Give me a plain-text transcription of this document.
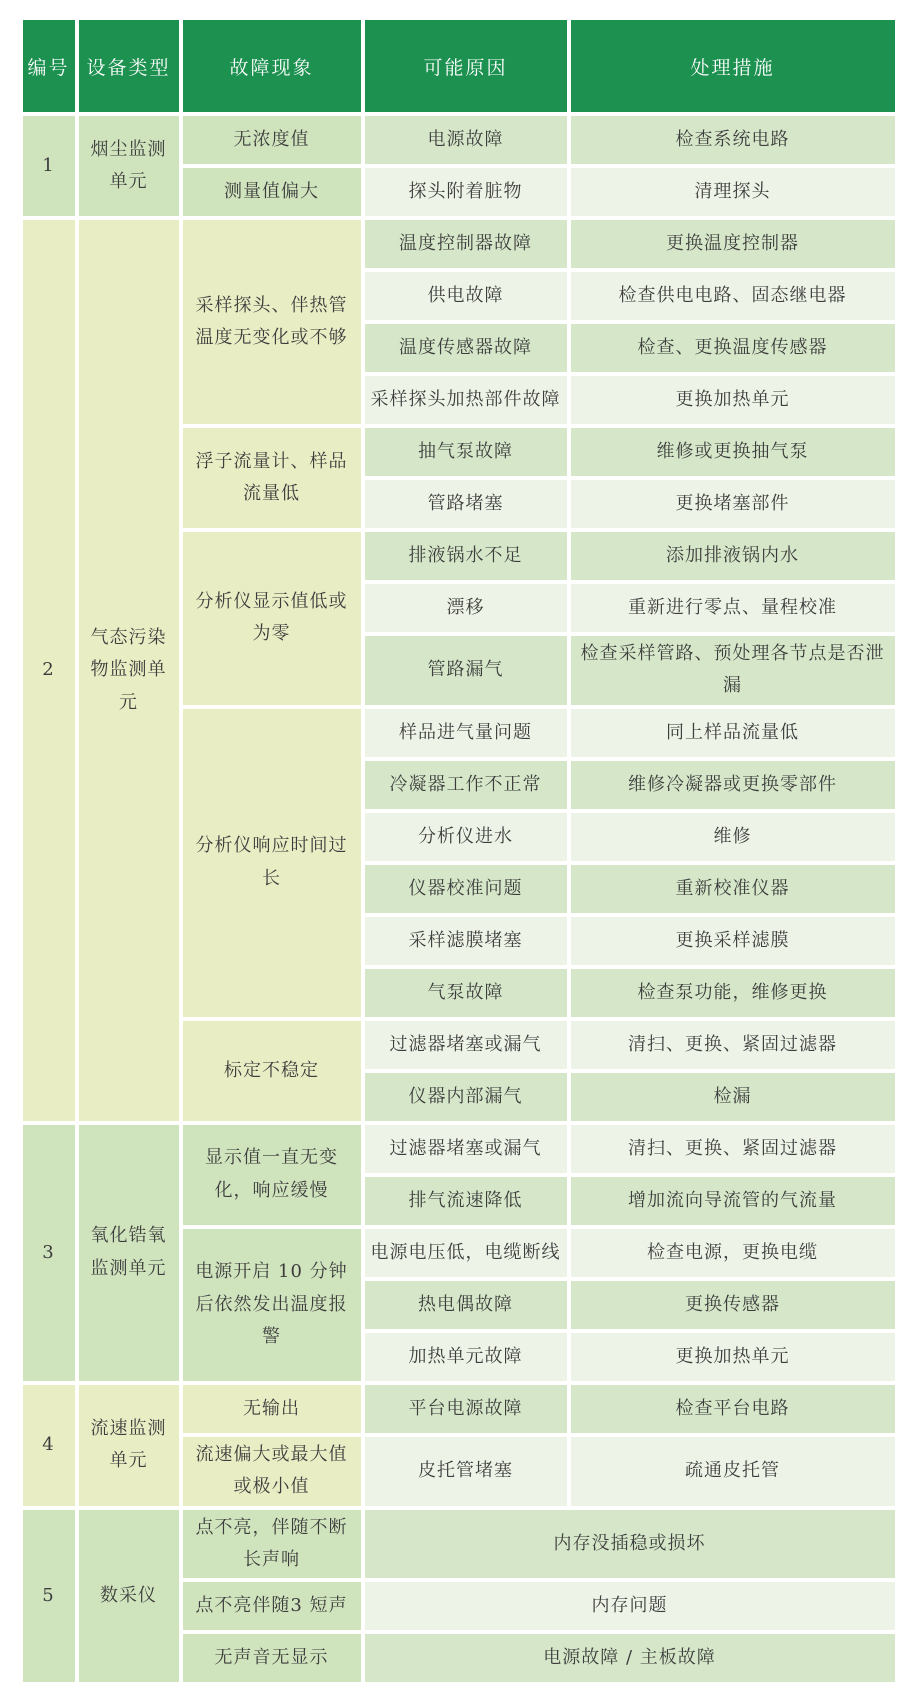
编号	设备类型	故障现象	可能原因	处理措施
1	烟尘监测单元	无浓度值	电源故障	检查系统电路
		测量值偏大	探头附着脏物	清理探头
2	气态污染物监测单元	采样探头、伴热管温度无变化或不够	温度控制器故障	更换温度控制器
			供电故障	检查供电电路、固态继电器
			温度传感器故障	检查、更换温度传感器
			采样探头加热部件故障	更换加热单元
		浮子流量计、样品流量低	抽气泵故障	维修或更换抽气泵
			管路堵塞	更换堵塞部件
		分析仪显示值低或为零	排液锅水不足	添加排液锅内水
			漂移	重新进行零点、量程校准
			管路漏气	检查采样管路、预处理各节点是否泄漏
		分析仪响应时间过长	样品进气量问题	同上样品流量低
			冷凝器工作不正常	维修冷凝器或更换零部件
			分析仪进水	维修
			仪器校准问题	重新校准仪器
			采样滤膜堵塞	更换采样滤膜
			气泵故障	检查泵功能，维修更换
		标定不稳定	过滤器堵塞或漏气	清扫、更换、紧固过滤器
			仪器内部漏气	检漏
3	氧化锆氧监测单元	显示值一直无变化，响应缓慢	过滤器堵塞或漏气	清扫、更换、紧固过滤器
			排气流速降低	增加流向导流管的气流量
		电源开启 10 分钟后依然发出温度报警	电源电压低，电缆断线	检查电源，更换电缆
			热电偶故障	更换传感器
			加热单元故障	更换加热单元
4	流速监测单元	无输出	平台电源故障	检查平台电路
		流速偏大或最大值或极小值	皮托管堵塞	疏通皮托管
5	数采仪	点不亮，伴随不断长声响	内存没插稳或损坏	
		点不亮伴随3 短声	内存问题	
		无声音无显示	电源故障 / 主板故障	
